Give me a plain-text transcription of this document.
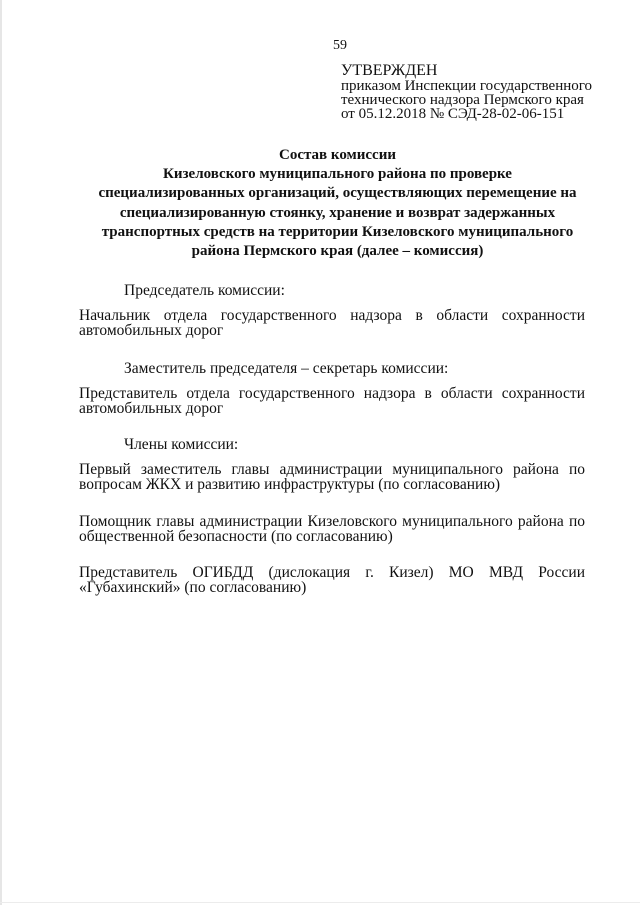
59
УТВЕРЖДЕН
приказом Инспекции государственного
технического надзора Пермского края
от 05.12.2018 № СЭД-28-02-06-151
Состав комиссии
Кизеловского муниципального района по проверке
специализированных организаций, осуществляющих перемещение на
специализированную стоянку, хранение и возврат задержанных
транспортных средств на территории Кизеловского муниципального
района Пермского края (далее – комиссия)
Председатель комиссии:
Начальник отдела государственного надзора в области сохранности
автомобильных дорог
Заместитель председателя – секретарь комиссии:
Представитель отдела государственного надзора в области сохранности
автомобильных дорог
Члены комиссии:
Первый заместитель главы администрации муниципального района по
вопросам ЖКХ и развитию инфраструктуры (по согласованию)
Помощник главы администрации Кизеловского муниципального района по
общественной безопасности (по согласованию)
Представитель ОГИБДД (дислокация г. Кизел) МО МВД России
«Губахинский» (по согласованию)
